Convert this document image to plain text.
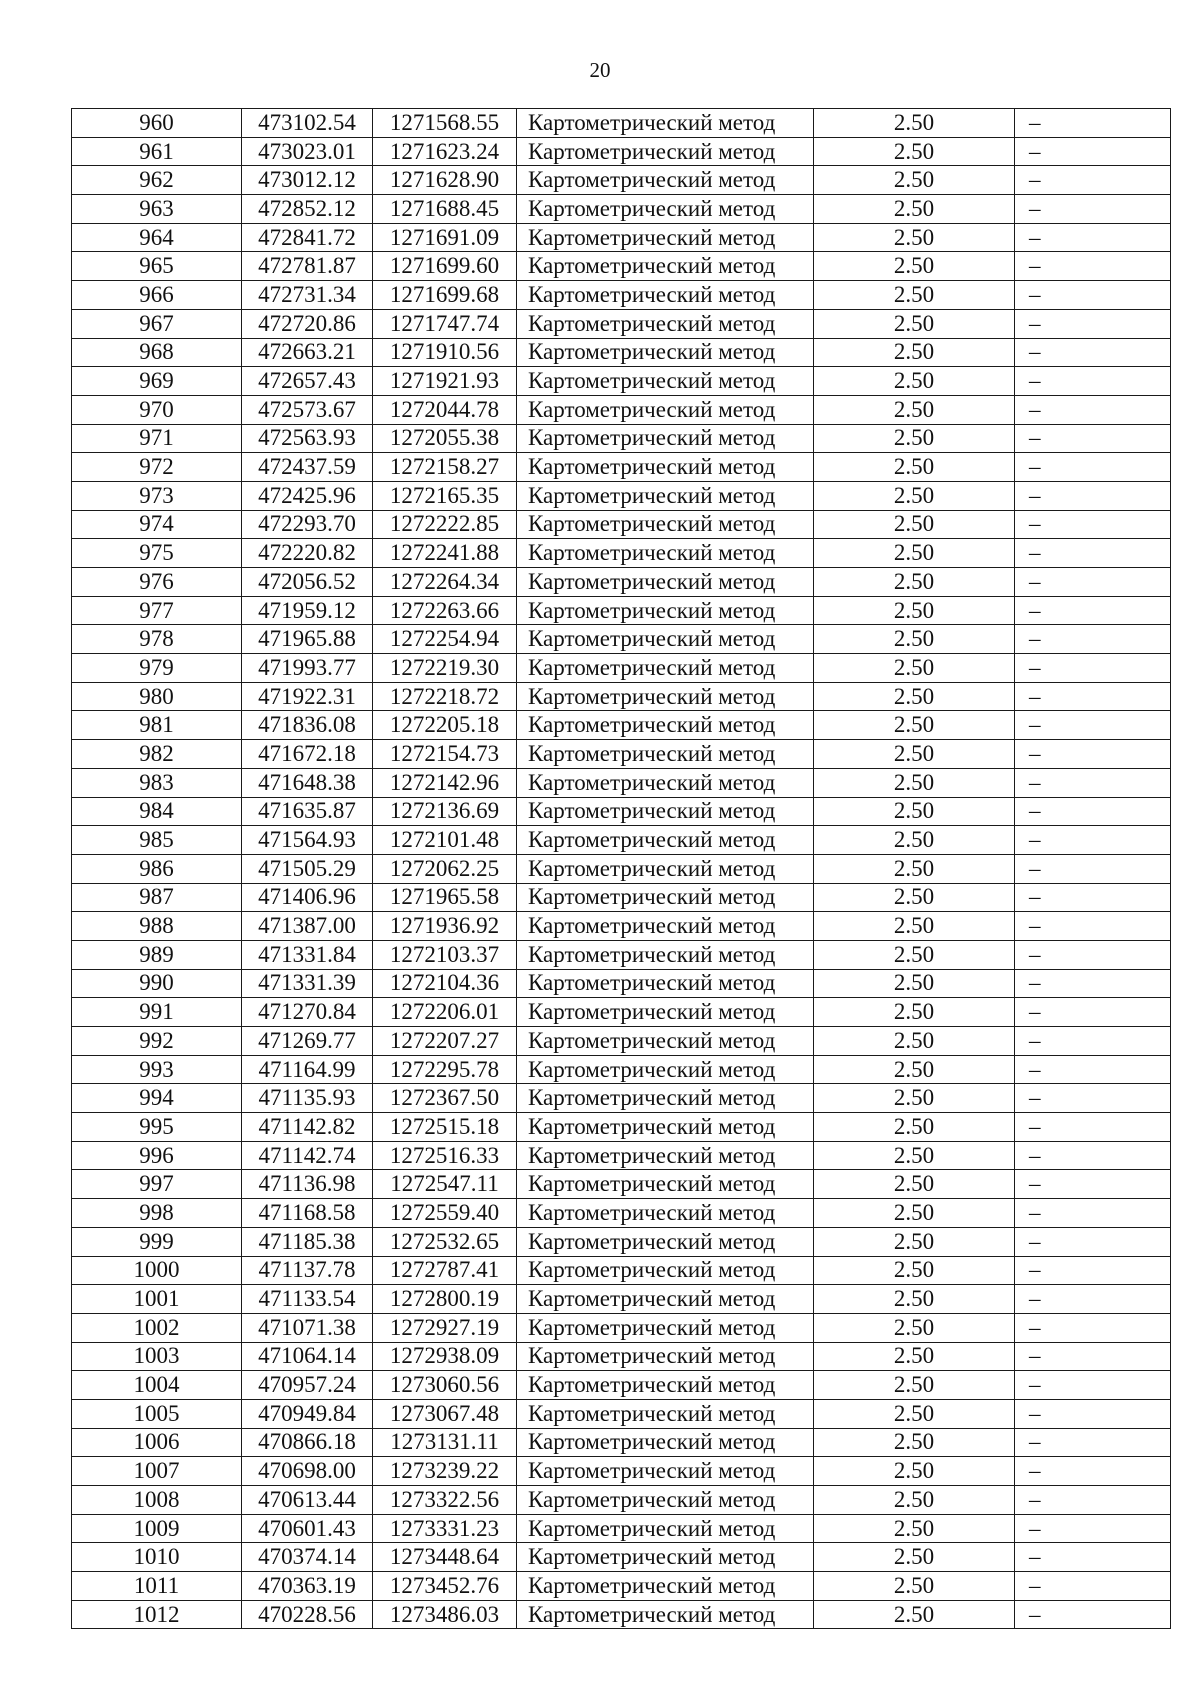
20
960	473102.54	1271568.55	Картометрический метод	2.50	–
961	473023.01	1271623.24	Картометрический метод	2.50	–
962	473012.12	1271628.90	Картометрический метод	2.50	–
963	472852.12	1271688.45	Картометрический метод	2.50	–
964	472841.72	1271691.09	Картометрический метод	2.50	–
965	472781.87	1271699.60	Картометрический метод	2.50	–
966	472731.34	1271699.68	Картометрический метод	2.50	–
967	472720.86	1271747.74	Картометрический метод	2.50	–
968	472663.21	1271910.56	Картометрический метод	2.50	–
969	472657.43	1271921.93	Картометрический метод	2.50	–
970	472573.67	1272044.78	Картометрический метод	2.50	–
971	472563.93	1272055.38	Картометрический метод	2.50	–
972	472437.59	1272158.27	Картометрический метод	2.50	–
973	472425.96	1272165.35	Картометрический метод	2.50	–
974	472293.70	1272222.85	Картометрический метод	2.50	–
975	472220.82	1272241.88	Картометрический метод	2.50	–
976	472056.52	1272264.34	Картометрический метод	2.50	–
977	471959.12	1272263.66	Картометрический метод	2.50	–
978	471965.88	1272254.94	Картометрический метод	2.50	–
979	471993.77	1272219.30	Картометрический метод	2.50	–
980	471922.31	1272218.72	Картометрический метод	2.50	–
981	471836.08	1272205.18	Картометрический метод	2.50	–
982	471672.18	1272154.73	Картометрический метод	2.50	–
983	471648.38	1272142.96	Картометрический метод	2.50	–
984	471635.87	1272136.69	Картометрический метод	2.50	–
985	471564.93	1272101.48	Картометрический метод	2.50	–
986	471505.29	1272062.25	Картометрический метод	2.50	–
987	471406.96	1271965.58	Картометрический метод	2.50	–
988	471387.00	1271936.92	Картометрический метод	2.50	–
989	471331.84	1272103.37	Картометрический метод	2.50	–
990	471331.39	1272104.36	Картометрический метод	2.50	–
991	471270.84	1272206.01	Картометрический метод	2.50	–
992	471269.77	1272207.27	Картометрический метод	2.50	–
993	471164.99	1272295.78	Картометрический метод	2.50	–
994	471135.93	1272367.50	Картометрический метод	2.50	–
995	471142.82	1272515.18	Картометрический метод	2.50	–
996	471142.74	1272516.33	Картометрический метод	2.50	–
997	471136.98	1272547.11	Картометрический метод	2.50	–
998	471168.58	1272559.40	Картометрический метод	2.50	–
999	471185.38	1272532.65	Картометрический метод	2.50	–
1000	471137.78	1272787.41	Картометрический метод	2.50	–
1001	471133.54	1272800.19	Картометрический метод	2.50	–
1002	471071.38	1272927.19	Картометрический метод	2.50	–
1003	471064.14	1272938.09	Картометрический метод	2.50	–
1004	470957.24	1273060.56	Картометрический метод	2.50	–
1005	470949.84	1273067.48	Картометрический метод	2.50	–
1006	470866.18	1273131.11	Картометрический метод	2.50	–
1007	470698.00	1273239.22	Картометрический метод	2.50	–
1008	470613.44	1273322.56	Картометрический метод	2.50	–
1009	470601.43	1273331.23	Картометрический метод	2.50	–
1010	470374.14	1273448.64	Картометрический метод	2.50	–
1011	470363.19	1273452.76	Картометрический метод	2.50	–
1012	470228.56	1273486.03	Картометрический метод	2.50	–
